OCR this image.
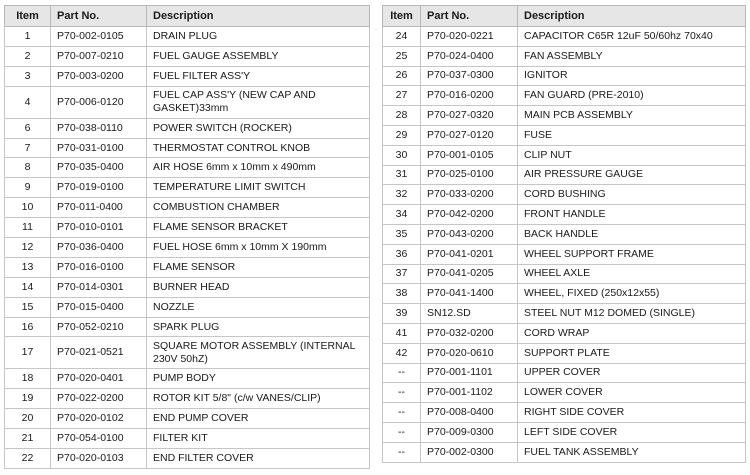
Item	Part No.	Description
1	P70-002-0105	DRAIN PLUG
2	P70-007-0210	FUEL GAUGE ASSEMBLY
3	P70-003-0200	FUEL FILTER ASS'Y
4	P70-006-0120	FUEL CAP ASS'Y (NEW CAP AND GASKET)33mm
6	P70-038-0110	POWER SWITCH (ROCKER)
7	P70-031-0100	THERMOSTAT CONTROL KNOB
8	P70-035-0400	AIR HOSE 6mm x 10mm x 490mm
9	P70-019-0100	TEMPERATURE LIMIT SWITCH
10	P70-011-0400	COMBUSTION CHAMBER
11	P70-010-0101	FLAME SENSOR BRACKET
12	P70-036-0400	FUEL HOSE 6mm x 10mm X 190mm
13	P70-016-0100	FLAME SENSOR
14	P70-014-0301	BURNER HEAD
15	P70-015-0400	NOZZLE
16	P70-052-0210	SPARK PLUG
17	P70-021-0521	SQUARE MOTOR ASSEMBLY (INTERNAL 230V 50hZ)
18	P70-020-0401	PUMP BODY
19	P70-022-0200	ROTOR KIT 5/8" (c/w VANES/CLIP)
20	P70-020-0102	END PUMP COVER
21	P70-054-0100	FILTER KIT
22	P70-020-0103	END FILTER COVER
Item	Part No.	Description
24	P70-020-0221	CAPACITOR C65R 12uF 50/60hz 70x40
25	P70-024-0400	FAN ASSEMBLY
26	P70-037-0300	IGNITOR
27	P70-016-0200	FAN GUARD (PRE-2010)
28	P70-027-0320	MAIN PCB ASSEMBLY
29	P70-027-0120	FUSE
30	P70-001-0105	CLIP NUT
31	P70-025-0100	AIR PRESSURE GAUGE
32	P70-033-0200	CORD BUSHING
34	P70-042-0200	FRONT HANDLE
35	P70-043-0200	BACK HANDLE
36	P70-041-0201	WHEEL SUPPORT FRAME
37	P70-041-0205	WHEEL AXLE
38	P70-041-1400	WHEEL, FIXED (250x12x55)
39	SN12.SD	STEEL NUT M12 DOMED (SINGLE)
41	P70-032-0200	CORD WRAP
42	P70-020-0610	SUPPORT PLATE
--	P70-001-1101	UPPER COVER
--	P70-001-1102	LOWER COVER
--	P70-008-0400	RIGHT SIDE COVER
--	P70-009-0300	LEFT SIDE COVER
--	P70-002-0300	FUEL TANK ASSEMBLY
